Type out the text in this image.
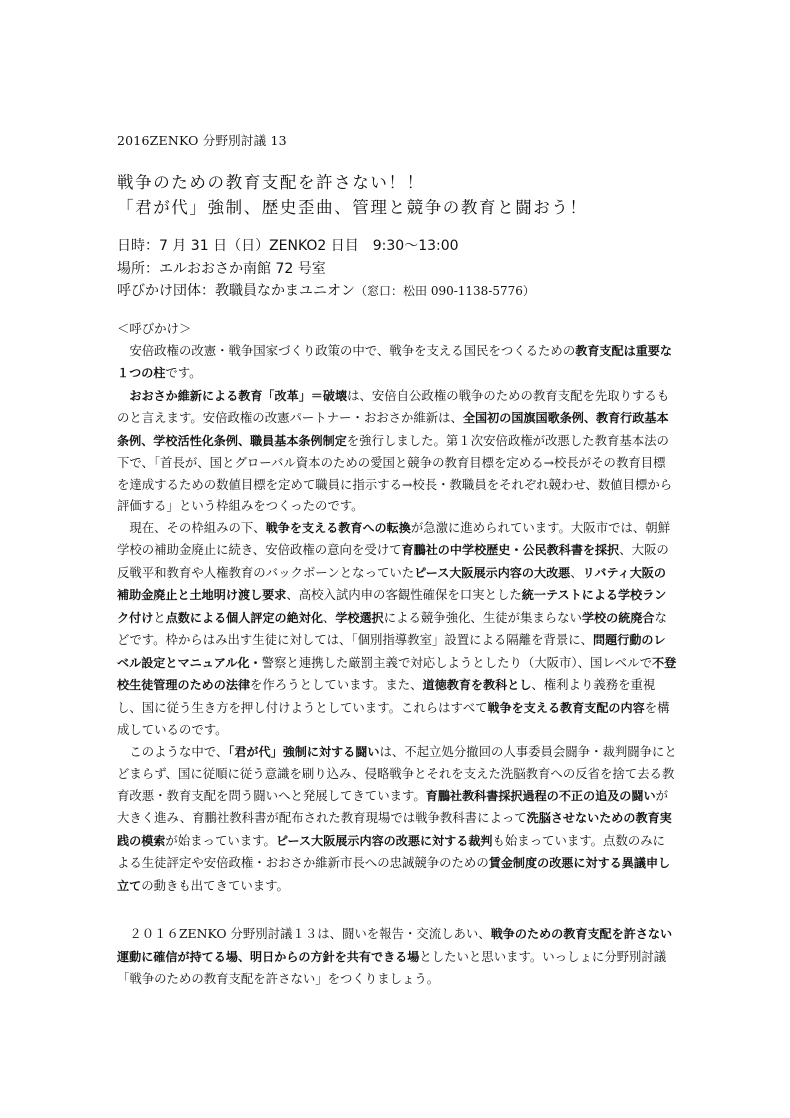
2016ZENKO 分野別討議 13
戦争のための教育支配を許さない！！
「君が代」強制、歴史歪曲、管理と競争の教育と闘おう！
日時：7 月 31 日（日）ZENKO2 日目　9:30～13:00
場所：エルおおさか南館 72 号室
呼びかけ団体：教職員なかまユニオン（窓口：松田 090-1138-5776）

＜呼びかけ＞

安倍政権の改憲・戦争国家づくり政策の中で、戦争を支える国民をつくるための教育支配は重要な１つの柱です。

おおさか維新による教育「改革」＝破壊は、安倍自公政権の戦争のための教育支配を先取りするものと言えます。安倍政権の改憲パートナー・おおさか維新は、全国初の国旗国歌条例、教育行政基本条例、学校活性化条例、職員基本条例制定を強行しました。第１次安倍政権が改悪した教育基本法の下で、「首長が、国とグローバル資本のための愛国と競争の教育目標を定める→校長がその教育目標を達成するための数値目標を定めて職員に指示する→校長・教職員をそれぞれ競わせ、数値目標から評価する」という枠組みをつくったのです。

現在、その枠組みの下、戦争を支える教育への転換が急激に進められています。大阪市では、朝鮮学校の補助金廃止に続き、安倍政権の意向を受けて育鵬社の中学校歴史・公民教科書を採択、大阪の反戦平和教育や人権教育のバックボーンとなっていたピース大阪展示内容の大改悪、リバティ大阪の補助金廃止と土地明け渡し要求、高校入試内申の客観性確保を口実とした統一テストによる学校ランク付けと点数による個人評定の絶対化、学校選択による競争強化、生徒が集まらない学校の統廃合などです。枠からはみ出す生徒に対しては、「個別指導教室」設置による隔離を背景に、問題行動のレベル設定とマニュアル化・警察と連携した厳罰主義で対応しようとしたり（大阪市）、国レベルで不登校生徒管理のための法律を作ろうとしています。また、道徳教育を教科とし、権利より義務を重視し、国に従う生き方を押し付けようとしています。これらはすべて戦争を支える教育支配の内容を構成しているのです。

このような中で、「君が代」強制に対する闘いは、不起立処分撤回の人事委員会闘争・裁判闘争にとどまらず、国に従順に従う意識を刷り込み、侵略戦争とそれを支えた洗脳教育への反省を捨て去る教育改悪・教育支配を問う闘いへと発展してきています。育鵬社教科書採択過程の不正の追及の闘いが大きく進み、育鵬社教科書が配布された教育現場では戦争教科書によって洗脳させないための教育実践の模索が始まっています。ピース大阪展示内容の改悪に対する裁判も始まっています。点数のみによる生徒評定や安倍政権・おおさか維新市長への忠誠競争のための賃金制度の改悪に対する異議申し立ての動きも出てきています。

２０１６ZENKO 分野別討議１３は、闘いを報告・交流しあい、戦争のための教育支配を許さない運動に確信が持てる場、明日からの方針を共有できる場としたいと思います。いっしょに分野別討議「戦争のための教育支配を許さない」をつくりましょう。
